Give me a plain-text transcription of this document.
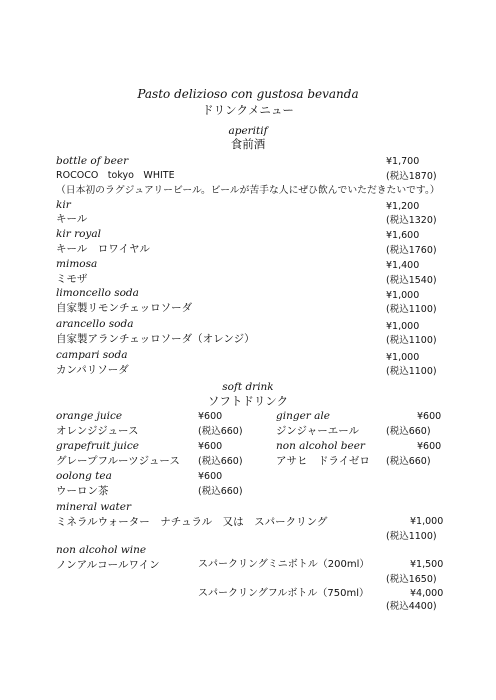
Pasto delizioso con gustosa bevanda
ドリンクメニュー
aperitif
食前酒
bottle of beer	¥1,700
ROCOCO　tokyo　WHITE	(税込1870)
（日本初のラグジュアリービール。ビールが苦手な人にぜひ飲んでいただきたいです。）
kir	¥1,200
キール	(税込1320)
kir royal	¥1,600
キール　ロワイヤル	(税込1760)
mimosa	¥1,400
ミモザ	(税込1540)
limoncello soda	¥1,000
自家製リモンチェッロソーダ	(税込1100)
arancello soda	¥1,000
自家製アランチェッロソーダ（オレンジ）	(税込1100)
campari soda	¥1,000
カンパリソーダ	(税込1100)
soft drink
ソフトドリンク
orange juice	¥600
オレンジジュース	(税込660)
grapefruit juice	¥600
グレープフルーツジュース (税込660)
oolong tea	¥600
ウーロン茶	(税込660)
ginger ale	¥600
ジンジャーエール	(税込660)
non alcohol beer	¥600
アサヒ　ドライゼロ (税込660)
mineral water
ミネラルウォーター　ナチュラル　又は　スパークリング	¥1,000
(税込1100)
non alcohol wine
ノンアルコールワイン	スパークリングミニボトル（200ml）	¥1,500
(税込1650)
スパークリングフルボトル（750ml）	¥4,000
(税込4400)
